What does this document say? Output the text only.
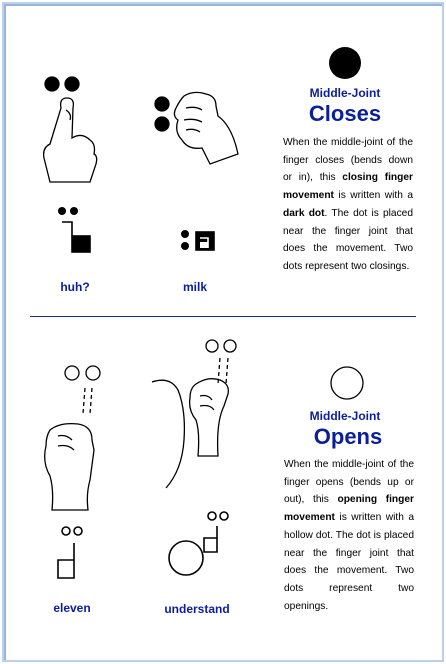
Middle-Joint
Closes
When the middle-joint of the finger closes (bends down or in), this closing finger movement is written with a dark dot. The dot is placed near the finger joint that does the movement. Two dots represent two closings.
huh?	milk
Middle-Joint
Opens
When the middle-joint of the finger opens (bends up or out), this opening finger movement is written with a hollow dot. The dot is placed near the finger joint that does the movement. Two dots represent two openings.
eleven	understand
